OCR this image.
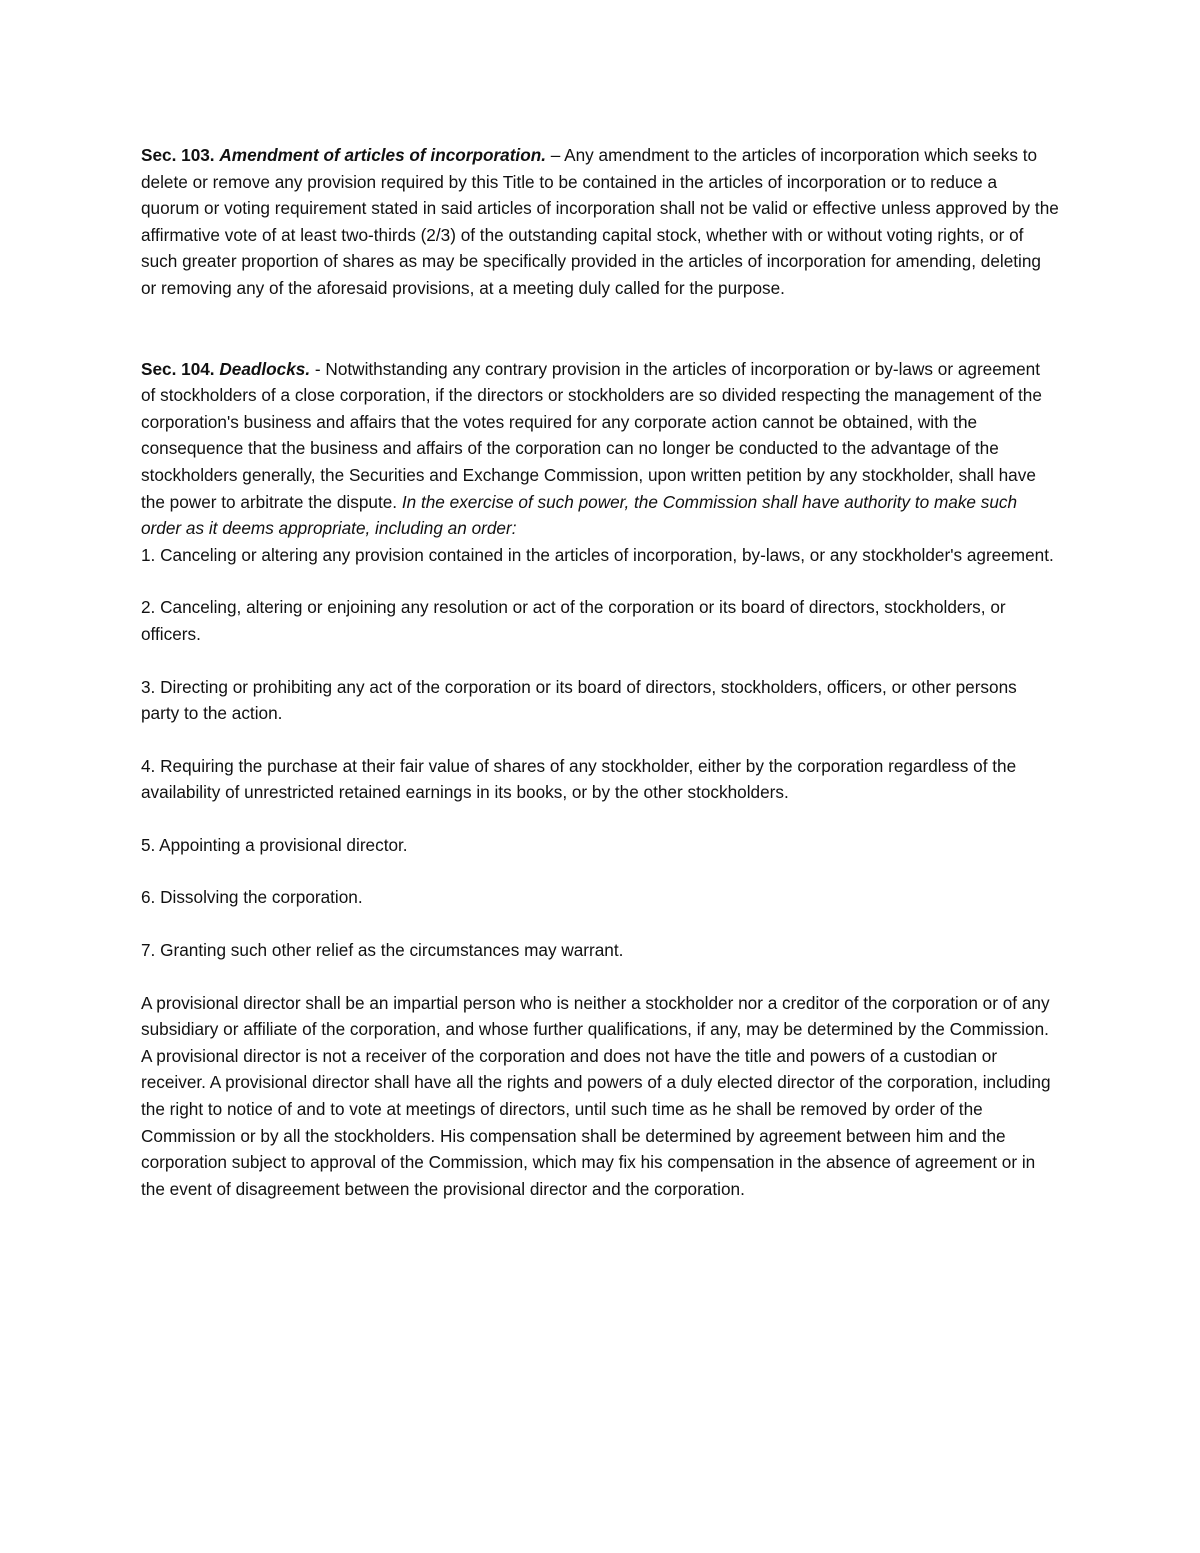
Sec. 103. Amendment of articles of incorporation. – Any amendment to the articles of incorporation which seeks to delete or remove any provision required by this Title to be contained in the articles of incorporation or to reduce a quorum or voting requirement stated in said articles of incorporation shall not be valid or effective unless approved by the affirmative vote of at least two-thirds (2/3) of the outstanding capital stock, whether with or without voting rights, or of such greater proportion of shares as may be specifically provided in the articles of incorporation for amending, deleting or removing any of the aforesaid provisions, at a meeting duly called for the purpose.

Sec. 104. Deadlocks. - Notwithstanding any contrary provision in the articles of incorporation or by-laws or agreement of stockholders of a close corporation, if the directors or stockholders are so divided respecting the management of the corporation's business and affairs that the votes required for any corporate action cannot be obtained, with the consequence that the business and affairs of the corporation can no longer be conducted to the advantage of the stockholders generally, the Securities and Exchange Commission, upon written petition by any stockholder, shall have the power to arbitrate the dispute. In the exercise of such power, the Commission shall have authority to make such order as it deems appropriate, including an order:

1. Canceling or altering any provision contained in the articles of incorporation, by-laws, or any stockholder's agreement.

2. Canceling, altering or enjoining any resolution or act of the corporation or its board of directors, stockholders, or officers.

3. Directing or prohibiting any act of the corporation or its board of directors, stockholders, officers, or other persons party to the action.

4. Requiring the purchase at their fair value of shares of any stockholder, either by the corporation regardless of the availability of unrestricted retained earnings in its books, or by the other stockholders.

5. Appointing a provisional director.

6. Dissolving the corporation.

7. Granting such other relief as the circumstances may warrant.

A provisional director shall be an impartial person who is neither a stockholder nor a creditor of the corporation or of any subsidiary or affiliate of the corporation, and whose further qualifications, if any, may be determined by the Commission. A provisional director is not a receiver of the corporation and does not have the title and powers of a custodian or receiver. A provisional director shall have all the rights and powers of a duly elected director of the corporation, including the right to notice of and to vote at meetings of directors, until such time as he shall be removed by order of the Commission or by all the stockholders. His compensation shall be determined by agreement between him and the corporation subject to approval of the Commission, which may fix his compensation in the absence of agreement or in the event of disagreement between the provisional director and the corporation.
